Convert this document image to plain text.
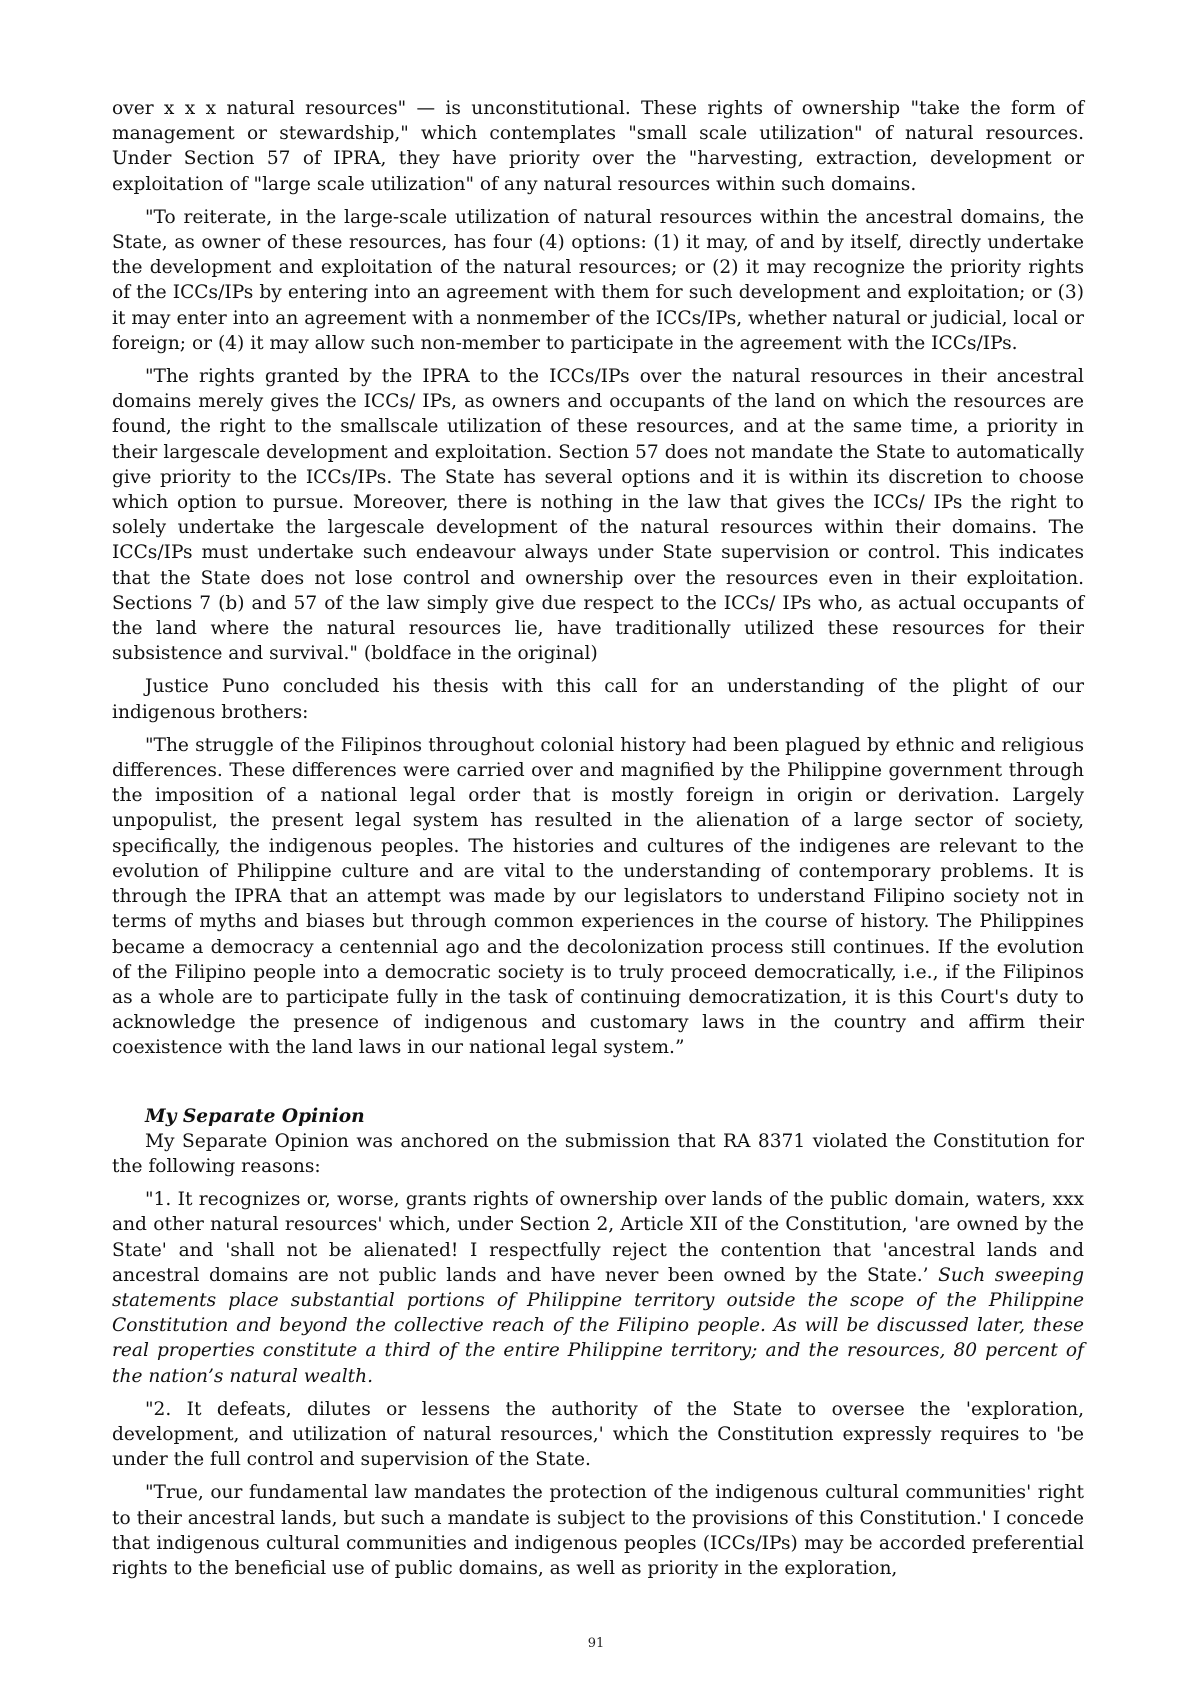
over x x x natural resources" — is unconstitutional. These rights of ownership "take the form of management or stewardship," which contemplates "small scale utilization" of natural resources. Under Section 57 of IPRA, they have priority over the "harvesting, extraction, development or exploitation of "large scale utilization" of any natural resources within such domains.

"To reiterate, in the large-scale utilization of natural resources within the ancestral domains, the State, as owner of these resources, has four (4) options: (1) it may, of and by itself, directly undertake the development and exploitation of the natural resources; or (2) it may recognize the priority rights of the ICCs/IPs by entering into an agreement with them for such development and exploitation; or (3) it may enter into an agreement with a nonmember of the ICCs/IPs, whether natural or judicial, local or foreign; or (4) it may allow such non-member to participate in the agreement with the ICCs/IPs.

"The rights granted by the IPRA to the ICCs/IPs over the natural resources in their ancestral domains merely gives the ICCs/ IPs, as owners and occupants of the land on which the resources are found, the right to the smallscale utilization of these resources, and at the same time, a priority in their largescale development and exploitation. Section 57 does not mandate the State to automatically give priority to the ICCs/IPs. The State has several options and it is within its discretion to choose which option to pursue. Moreover, there is nothing in the law that gives the ICCs/ IPs the right to solely undertake the largescale development of the natural resources within their domains. The ICCs/IPs must undertake such endeavour always under State supervision or control. This indicates that the State does not lose control and ownership over the resources even in their exploitation. Sections 7 (b) and 57 of the law simply give due respect to the ICCs/ IPs who, as actual occupants of the land where the natural resources lie, have traditionally utilized these resources for their subsistence and survival." (boldface in the original)

Justice Puno concluded his thesis with this call for an understanding of the plight of our indigenous brothers:

"The struggle of the Filipinos throughout colonial history had been plagued by ethnic and religious differences. These differences were carried over and magnified by the Philippine government through the imposition of a national legal order that is mostly foreign in origin or derivation. Largely unpopulist, the present legal system has resulted in the alienation of a large sector of society, specifically, the indigenous peoples. The histories and cultures of the indigenes are relevant to the evolution of Philippine culture and are vital to the understanding of contemporary problems. It is through the IPRA that an attempt was made by our legislators to understand Filipino society not in terms of myths and biases but through common experiences in the course of history. The Philippines became a democracy a centennial ago and the decolonization process still continues. If the evolution of the Filipino people into a democratic society is to truly proceed democratically, i.e., if the Filipinos as a whole are to participate fully in the task of continuing democratization, it is this Court's duty to acknowledge the presence of indigenous and customary laws in the country and affirm their coexistence with the land laws in our national legal system.”

My Separate Opinion

My Separate Opinion was anchored on the submission that RA 8371 violated the Constitution for the following reasons:

"1. It recognizes or, worse, grants rights of ownership over lands of the public domain, waters, xxx and other natural resources' which, under Section 2, Article XII of the Constitution, 'are owned by the State' and 'shall not be alienated! I respectfully reject the contention that 'ancestral lands and ancestral domains are not public lands and have never been owned by the State.’ Such sweeping statements place substantial portions of Philippine territory outside the scope of the Philippine Constitution and beyond the collective reach of the Filipino people. As will be discussed later, these real properties constitute a third of the entire Philippine territory; and the resources, 80 percent of the nation’s natural wealth.

"2. It defeats, dilutes or lessens the authority of the State to oversee the 'exploration, development, and utilization of natural resources,' which the Constitution expressly requires to 'be under the full control and supervision of the State.

"True, our fundamental law mandates the protection of the indigenous cultural communities' right to their ancestral lands, but such a mandate is subject to the provisions of this Constitution.' I concede that indigenous cultural communities and indigenous peoples (ICCs/IPs) may be accorded preferential rights to the beneficial use of public domains, as well as priority in the exploration,

91
